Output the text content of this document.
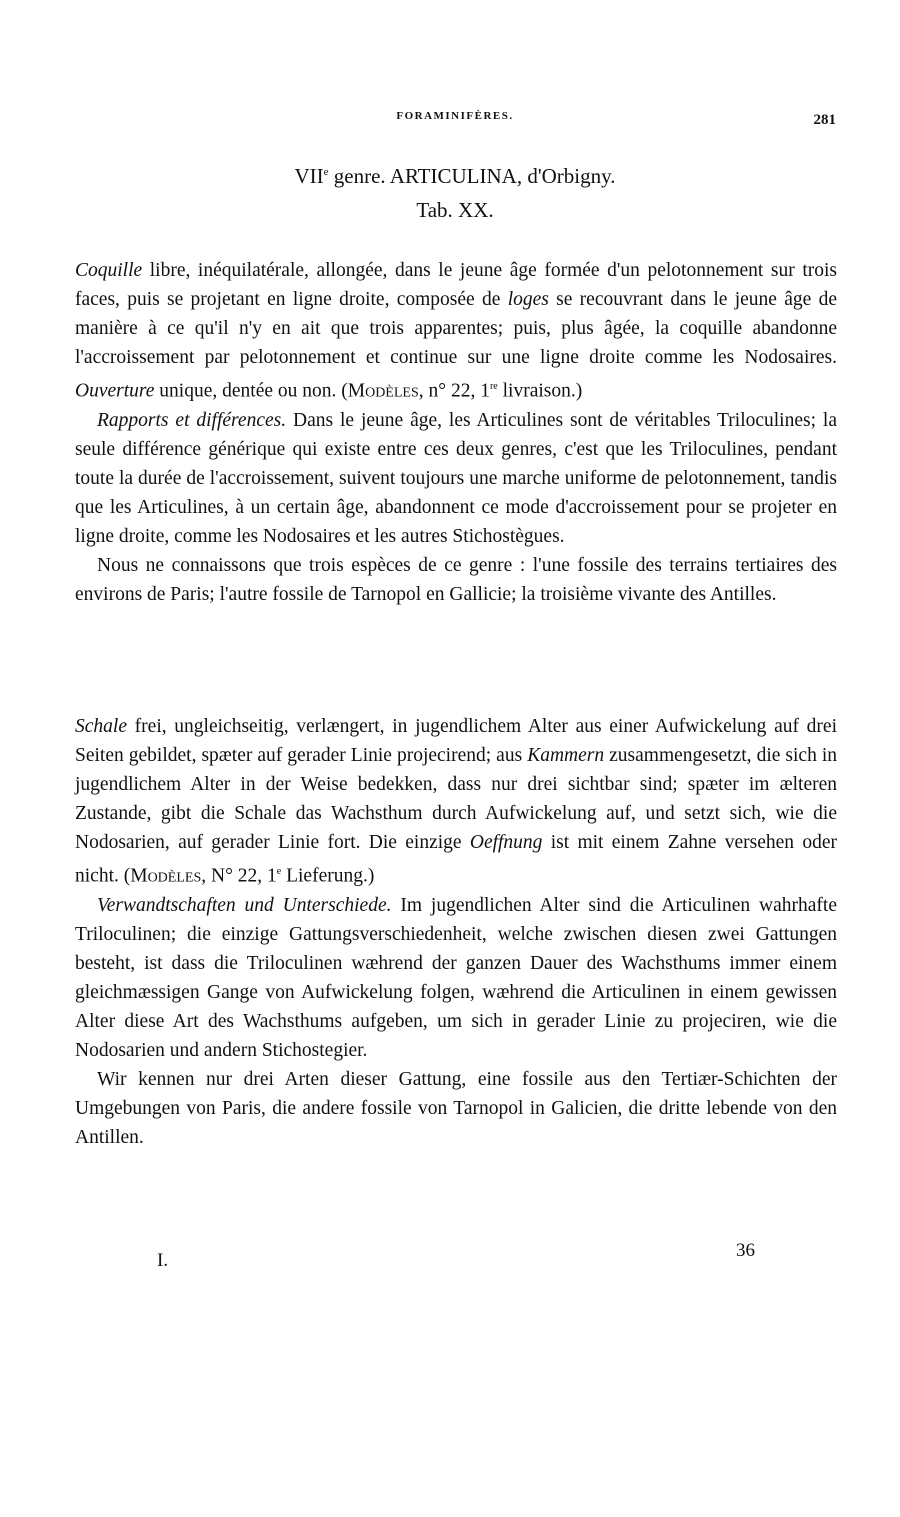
FORAMINIFÈRES.	281
VIIe genre. ARTICULINA, d'Orbigny.
Tab. XX.

Coquille libre, inéquilatérale, allongée, dans le jeune âge formée d'un pelotonnement sur trois faces, puis se projetant en ligne droite, composée de loges se recouvrant dans le jeune âge de manière à ce qu'il n'y en ait que trois apparentes; puis, plus âgée, la coquille abandonne l'accroissement par pelotonnement et continue sur une ligne droite comme les Nodosaires. Ouverture unique, dentée ou non. (Modèles, n° 22, 1re livraison.)

Rapports et différences. Dans le jeune âge, les Articulines sont de véritables Triloculines; la seule différence générique qui existe entre ces deux genres, c'est que les Triloculines, pendant toute la durée de l'accroissement, suivent toujours une marche uniforme de pelotonnement, tandis que les Articulines, à un certain âge, abandonnent ce mode d'accroissement pour se projeter en ligne droite, comme les Nodosaires et les autres Stichostègues.

Nous ne connaissons que trois espèces de ce genre : l'une fossile des terrains tertiaires des environs de Paris; l'autre fossile de Tarnopol en Gallicie; la troisième vivante des Antilles.

Schale frei, ungleichseitig, verlængert, in jugendlichem Alter aus einer Aufwickelung auf drei Seiten gebildet, spæter auf gerader Linie projecirend; aus Kammern zusammengesetzt, die sich in jugendlichem Alter in der Weise bedekken, dass nur drei sichtbar sind; spæter im ælteren Zustande, gibt die Schale das Wachsthum durch Aufwickelung auf, und setzt sich, wie die Nodosarien, auf gerader Linie fort. Die einzige Oeffnung ist mit einem Zahne versehen oder nicht. (Modèles, N° 22, 1e Lieferung.)

Verwandtschaften und Unterschiede. Im jugendlichen Alter sind die Articulinen wahrhafte Triloculinen; die einzige Gattungsverschiedenheit, welche zwischen diesen zwei Gattungen besteht, ist dass die Triloculinen wæhrend der ganzen Dauer des Wachsthums immer einem gleichmæssigen Gange von Aufwickelung folgen, wæhrend die Articulinen in einem gewissen Alter diese Art des Wachsthums aufgeben, um sich in gerader Linie zu projeciren, wie die Nodosarien und andern Stichostegier.

Wir kennen nur drei Arten dieser Gattung, eine fossile aus den Tertiær-Schichten der Umgebungen von Paris, die andere fossile von Tarnopol in Galicien, die dritte lebende von den Antillen.

I.	36
